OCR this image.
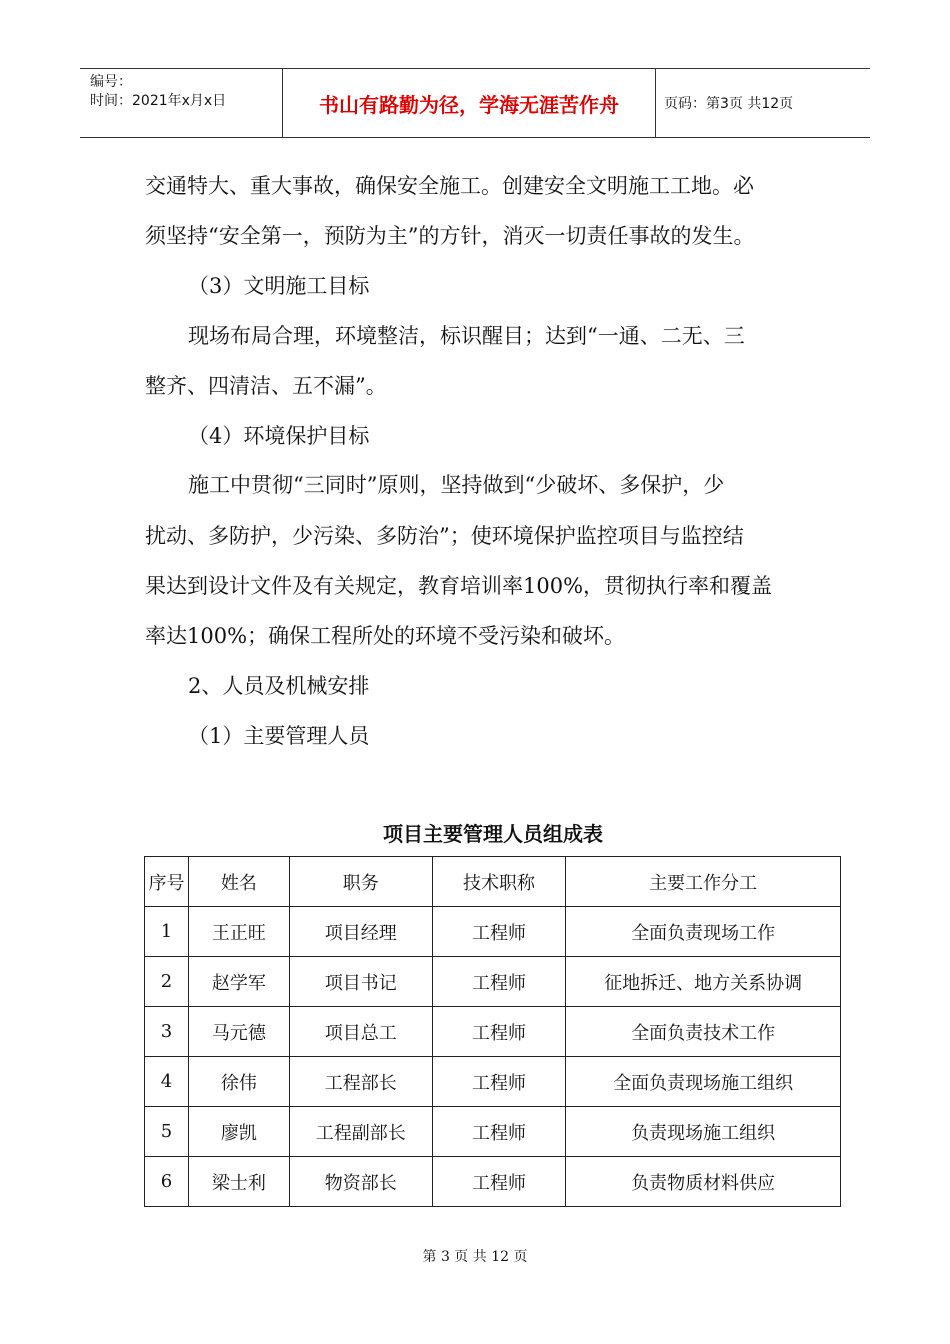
编号：
时间：2021年x月x日	书山有路勤为径，学海无涯苦作舟	页码：第3页 共12页
交通特大、重大事故，确保安全施工。创建安全文明施工工地。必
须坚持“安全第一，预防为主”的方针，消灭一切责任事故的发生。
（3）文明施工目标
现场布局合理，环境整洁，标识醒目；达到“一通、二无、三
整齐、四清洁、五不漏”。
（4）环境保护目标
施工中贯彻“三同时”原则，坚持做到“少破坏、多保护，少
扰动、多防护，少污染、多防治”；使环境保护监控项目与监控结
果达到设计文件及有关规定，教育培训率100%，贯彻执行率和覆盖
率达100%；确保工程所处的环境不受污染和破坏。
2、人员及机械安排
（1）主要管理人员
项目主要管理人员组成表
序号	姓名	职务	技术职称	主要工作分工
1	王正旺	项目经理	工程师	全面负责现场工作
2	赵学军	项目书记	工程师	征地拆迁、地方关系协调
3	马元德	项目总工	工程师	全面负责技术工作
4	徐伟	工程部长	工程师	全面负责现场施工组织
5	廖凯	工程副部长	工程师	负责现场施工组织
6	梁士利	物资部长	工程师	负责物质材料供应
第 3 页 共 12 页
